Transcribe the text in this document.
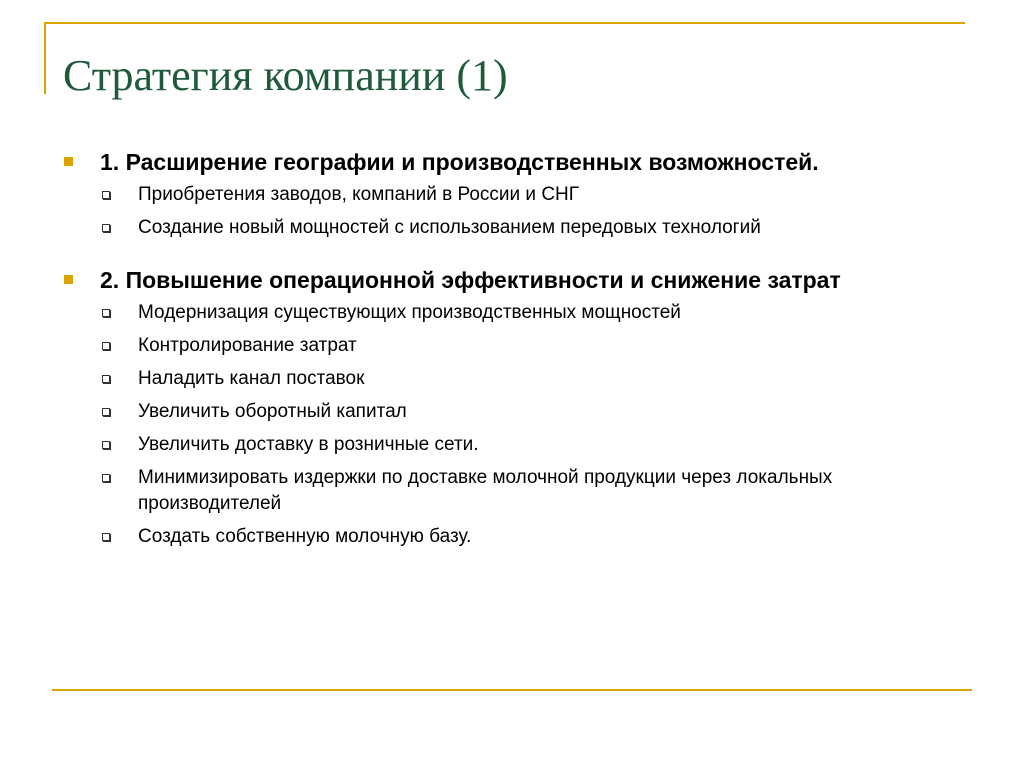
Стратегия компании (1)
1. Расширение географии и производственных возможностей.
Приобретения заводов, компаний в России и СНГ
Создание новый мощностей с использованием передовых технологий
2. Повышение операционной эффективности и снижение затрат
Модернизация существующих производственных мощностей
Контролирование затрат
Наладить канал поставок
Увеличить оборотный капитал
Увеличить доставку в розничные сети.
Минимизировать издержки по доставке молочной продукции через локальных производителей
Создать собственную молочную базу.
